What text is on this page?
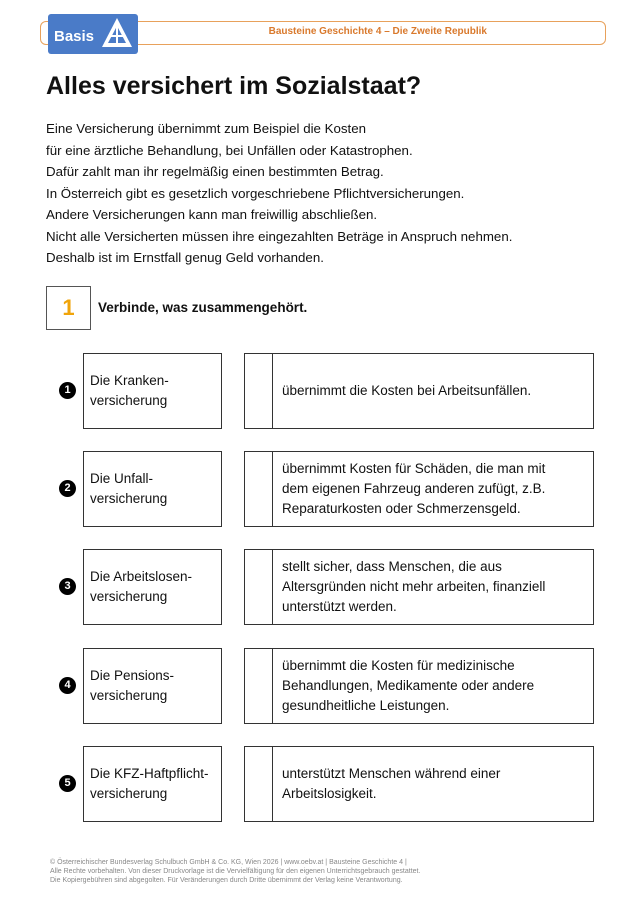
Bausteine Geschichte 4 – Die Zweite Republik
Basis
Alles versichert im Sozialstaat?
Eine Versicherung übernimmt zum Beispiel die Kosten
für eine ärztliche Behandlung, bei Unfällen oder Katastrophen.
Dafür zahlt man ihr regelmäßig einen bestimmten Betrag.
In Österreich gibt es gesetzlich vorgeschriebene Pflichtversicherungen.
Andere Versicherungen kann man freiwillig abschließen.
Nicht alle Versicherten müssen ihre eingezahlten Beträge in Anspruch nehmen.
Deshalb ist im Ernstfall genug Geld vorhanden.
1	Verbinde, was zusammengehört.
1
Die Kranken-
versicherung
übernimmt die Kosten bei Arbeitsunfällen.
2
Die Unfall-
versicherung
übernimmt Kosten für Schäden, die man mit
dem eigenen Fahrzeug anderen zufügt, z.B.
Reparaturkosten oder Schmerzensgeld.
3
Die Arbeitslosen-
versicherung
stellt sicher, dass Menschen, die aus
Altersgründen nicht mehr arbeiten, finanziell
unterstützt werden.
4
Die Pensions-
versicherung
übernimmt die Kosten für medizinische
Behandlungen, Medikamente oder andere
gesundheitliche Leistungen.
5
Die KFZ-Haftpflicht-
versicherung
unterstützt Menschen während einer
Arbeitslosigkeit.
© Österreichischer Bundesverlag Schulbuch GmbH & Co. KG, Wien 2026 | www.oebv.at | Bausteine Geschichte 4 |
Alle Rechte vorbehalten. Von dieser Druckvorlage ist die Vervielfältigung für den eigenen Unterrichtsgebrauch gestattet.
Die Kopiergebühren sind abgegolten. Für Veränderungen durch Dritte übernimmt der Verlag keine Verantwortung.
